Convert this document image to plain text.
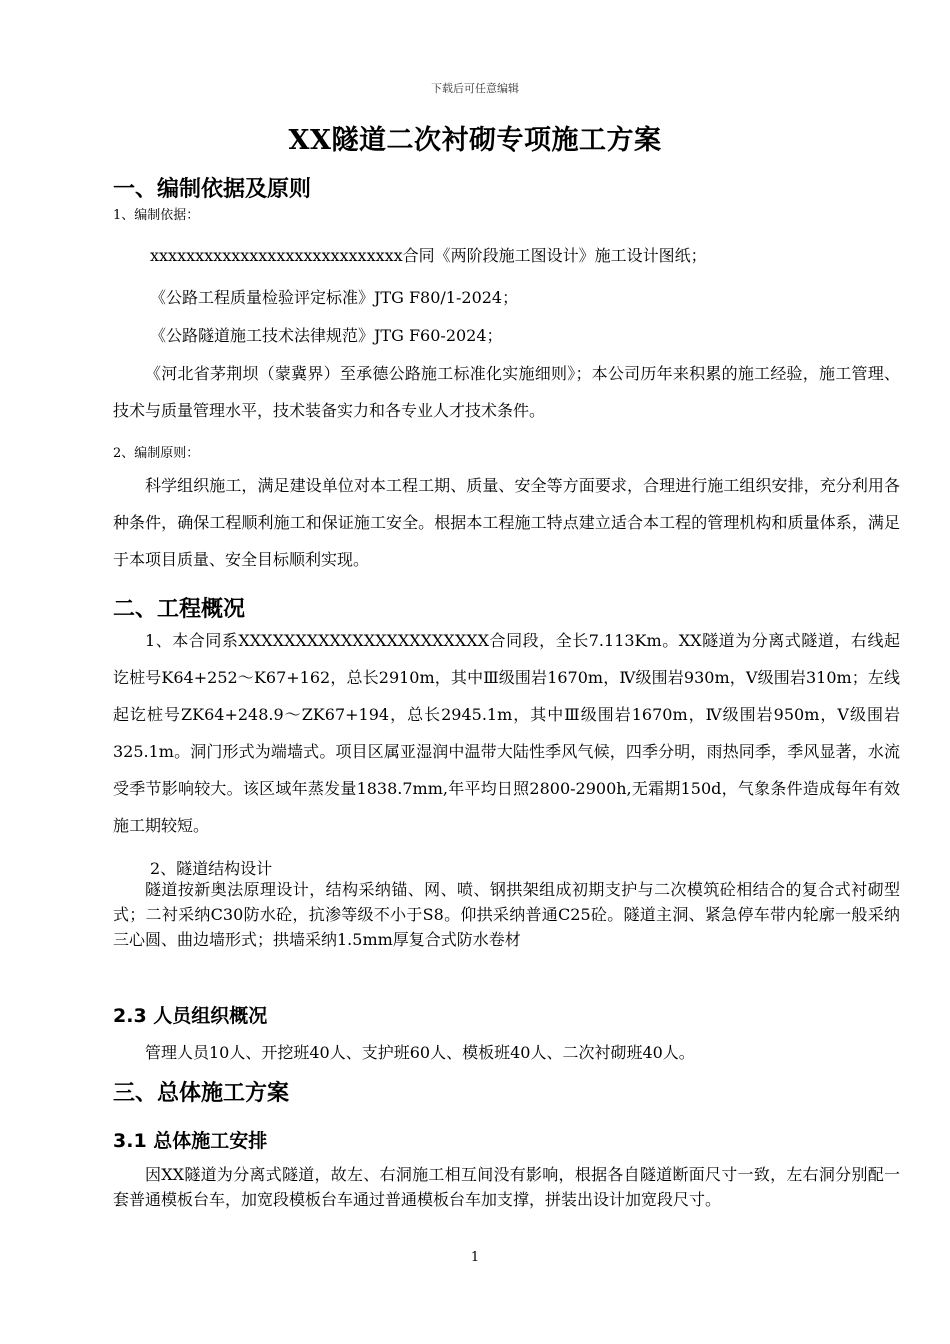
下载后可任意编辑
XX隧道二次衬砌专项施工方案
一、编制依据及原则
1、编制依据：
xxxxxxxxxxxxxxxxxxxxxxxxxxxx合同《两阶段施工图设计》施工设计图纸；
《公路工程质量检验评定标准》JTG F80/1-2024；
《公路隧道施工技术法律规范》JTG F60-2024；
《河北省茅荆坝（蒙冀界）至承德公路施工标准化实施细则》；本公司历年来积累的施工经验，施工管理、技术与质量管理水平，技术装备实力和各专业人才技术条件。
2、编制原则：
科学组织施工，满足建设单位对本工程工期、质量、安全等方面要求，合理进行施工组织安排，充分利用各种条件，确保工程顺利施工和保证施工安全。根据本工程施工特点建立适合本工程的管理机构和质量体系，满足于本项目质量、安全目标顺利实现。
二、工程概况
1、本合同系XXXXXXXXXXXXXXXXXXXXXX合同段，全长7.113Km。XX隧道为分离式隧道，右线起讫桩号K64+252～K67+162，总长2910m，其中Ⅲ级围岩1670m，Ⅳ级围岩930m，Ⅴ级围岩310m；左线起讫桩号ZK64+248.9～ZK67+194，总长2945.1m，其中Ⅲ级围岩1670m，Ⅳ级围岩950m，Ⅴ级围岩325.1m。洞门形式为端墙式。项目区属亚湿润中温带大陆性季风气候，四季分明，雨热同季，季风显著，水流受季节影响较大。该区域年蒸发量1838.7mm,年平均日照2800-2900h,无霜期150d，气象条件造成每年有效施工期较短。
2、隧道结构设计
隧道按新奥法原理设计，结构采纳锚、网、喷、钢拱架组成初期支护与二次模筑砼相结合的复合式衬砌型式；二衬采纳C30防水砼，抗渗等级不小于S8。仰拱采纳普通C25砼。隧道主洞、紧急停车带内轮廓一般采纳三心圆、曲边墙形式；拱墙采纳1.5mm厚复合式防水卷材
2.3 人员组织概况
管理人员10人、开挖班40人、支护班60人、模板班40人、二次衬砌班40人。
三、总体施工方案
3.1 总体施工安排
因XX隧道为分离式隧道，故左、右洞施工相互间没有影响，根据各自隧道断面尺寸一致，左右洞分别配一套普通模板台车，加宽段模板台车通过普通模板台车加支撑，拼装出设计加宽段尺寸。
1
